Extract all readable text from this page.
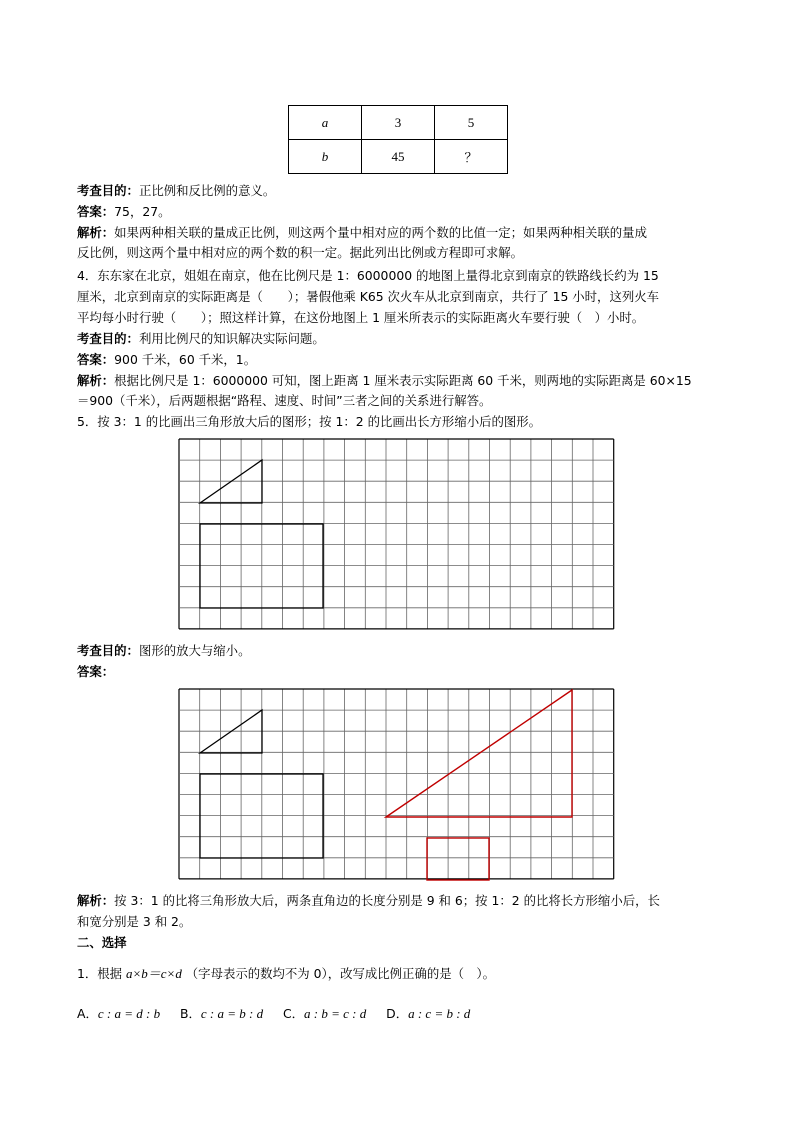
a	3	5
b	45	？
考查目的：正比例和反比例的意义。
答案：75，27。
解析：如果两种相关联的量成正比例，则这两个量中相对应的两个数的比值一定；如果两种相关联的量成
反比例，则这两个量中相对应的两个数的积一定。据此列出比例或方程即可求解。
4．东东家在北京，姐姐在南京，他在比例尺是 1：6000000 的地图上量得北京到南京的铁路线长约为 15
厘米，北京到南京的实际距离是（　　）；暑假他乘 K65 次火车从北京到南京，共行了 15 小时，这列火车
平均每小时行驶（　　）；照这样计算，在这份地图上 1 厘米所表示的实际距离火车要行驶（　）小时。
考查目的：利用比例尺的知识解决实际问题。
答案：900 千米，60 千米，1。
解析：根据比例尺是 1：6000000 可知，图上距离 1 厘米表示实际距离 60 千米，则两地的实际距离是 60×15
＝900（千米），后两题根据“路程、速度、时间”三者之间的关系进行解答。
5．按 3：1 的比画出三角形放大后的图形；按 1：2 的比画出长方形缩小后的图形。
考查目的：图形的放大与缩小。
答案：
解析：按 3：1 的比将三角形放大后，两条直角边的长度分别是 9 和 6；按 1：2 的比将长方形缩小后，长
和宽分别是 3 和 2。
二、选择
1．根据 a×b＝c×d （字母表示的数均不为 0），改写成比例正确的是（　）。
A．c : a = d : b B．c : a = b : d C．a : b = c : d D．a : c = b : d
